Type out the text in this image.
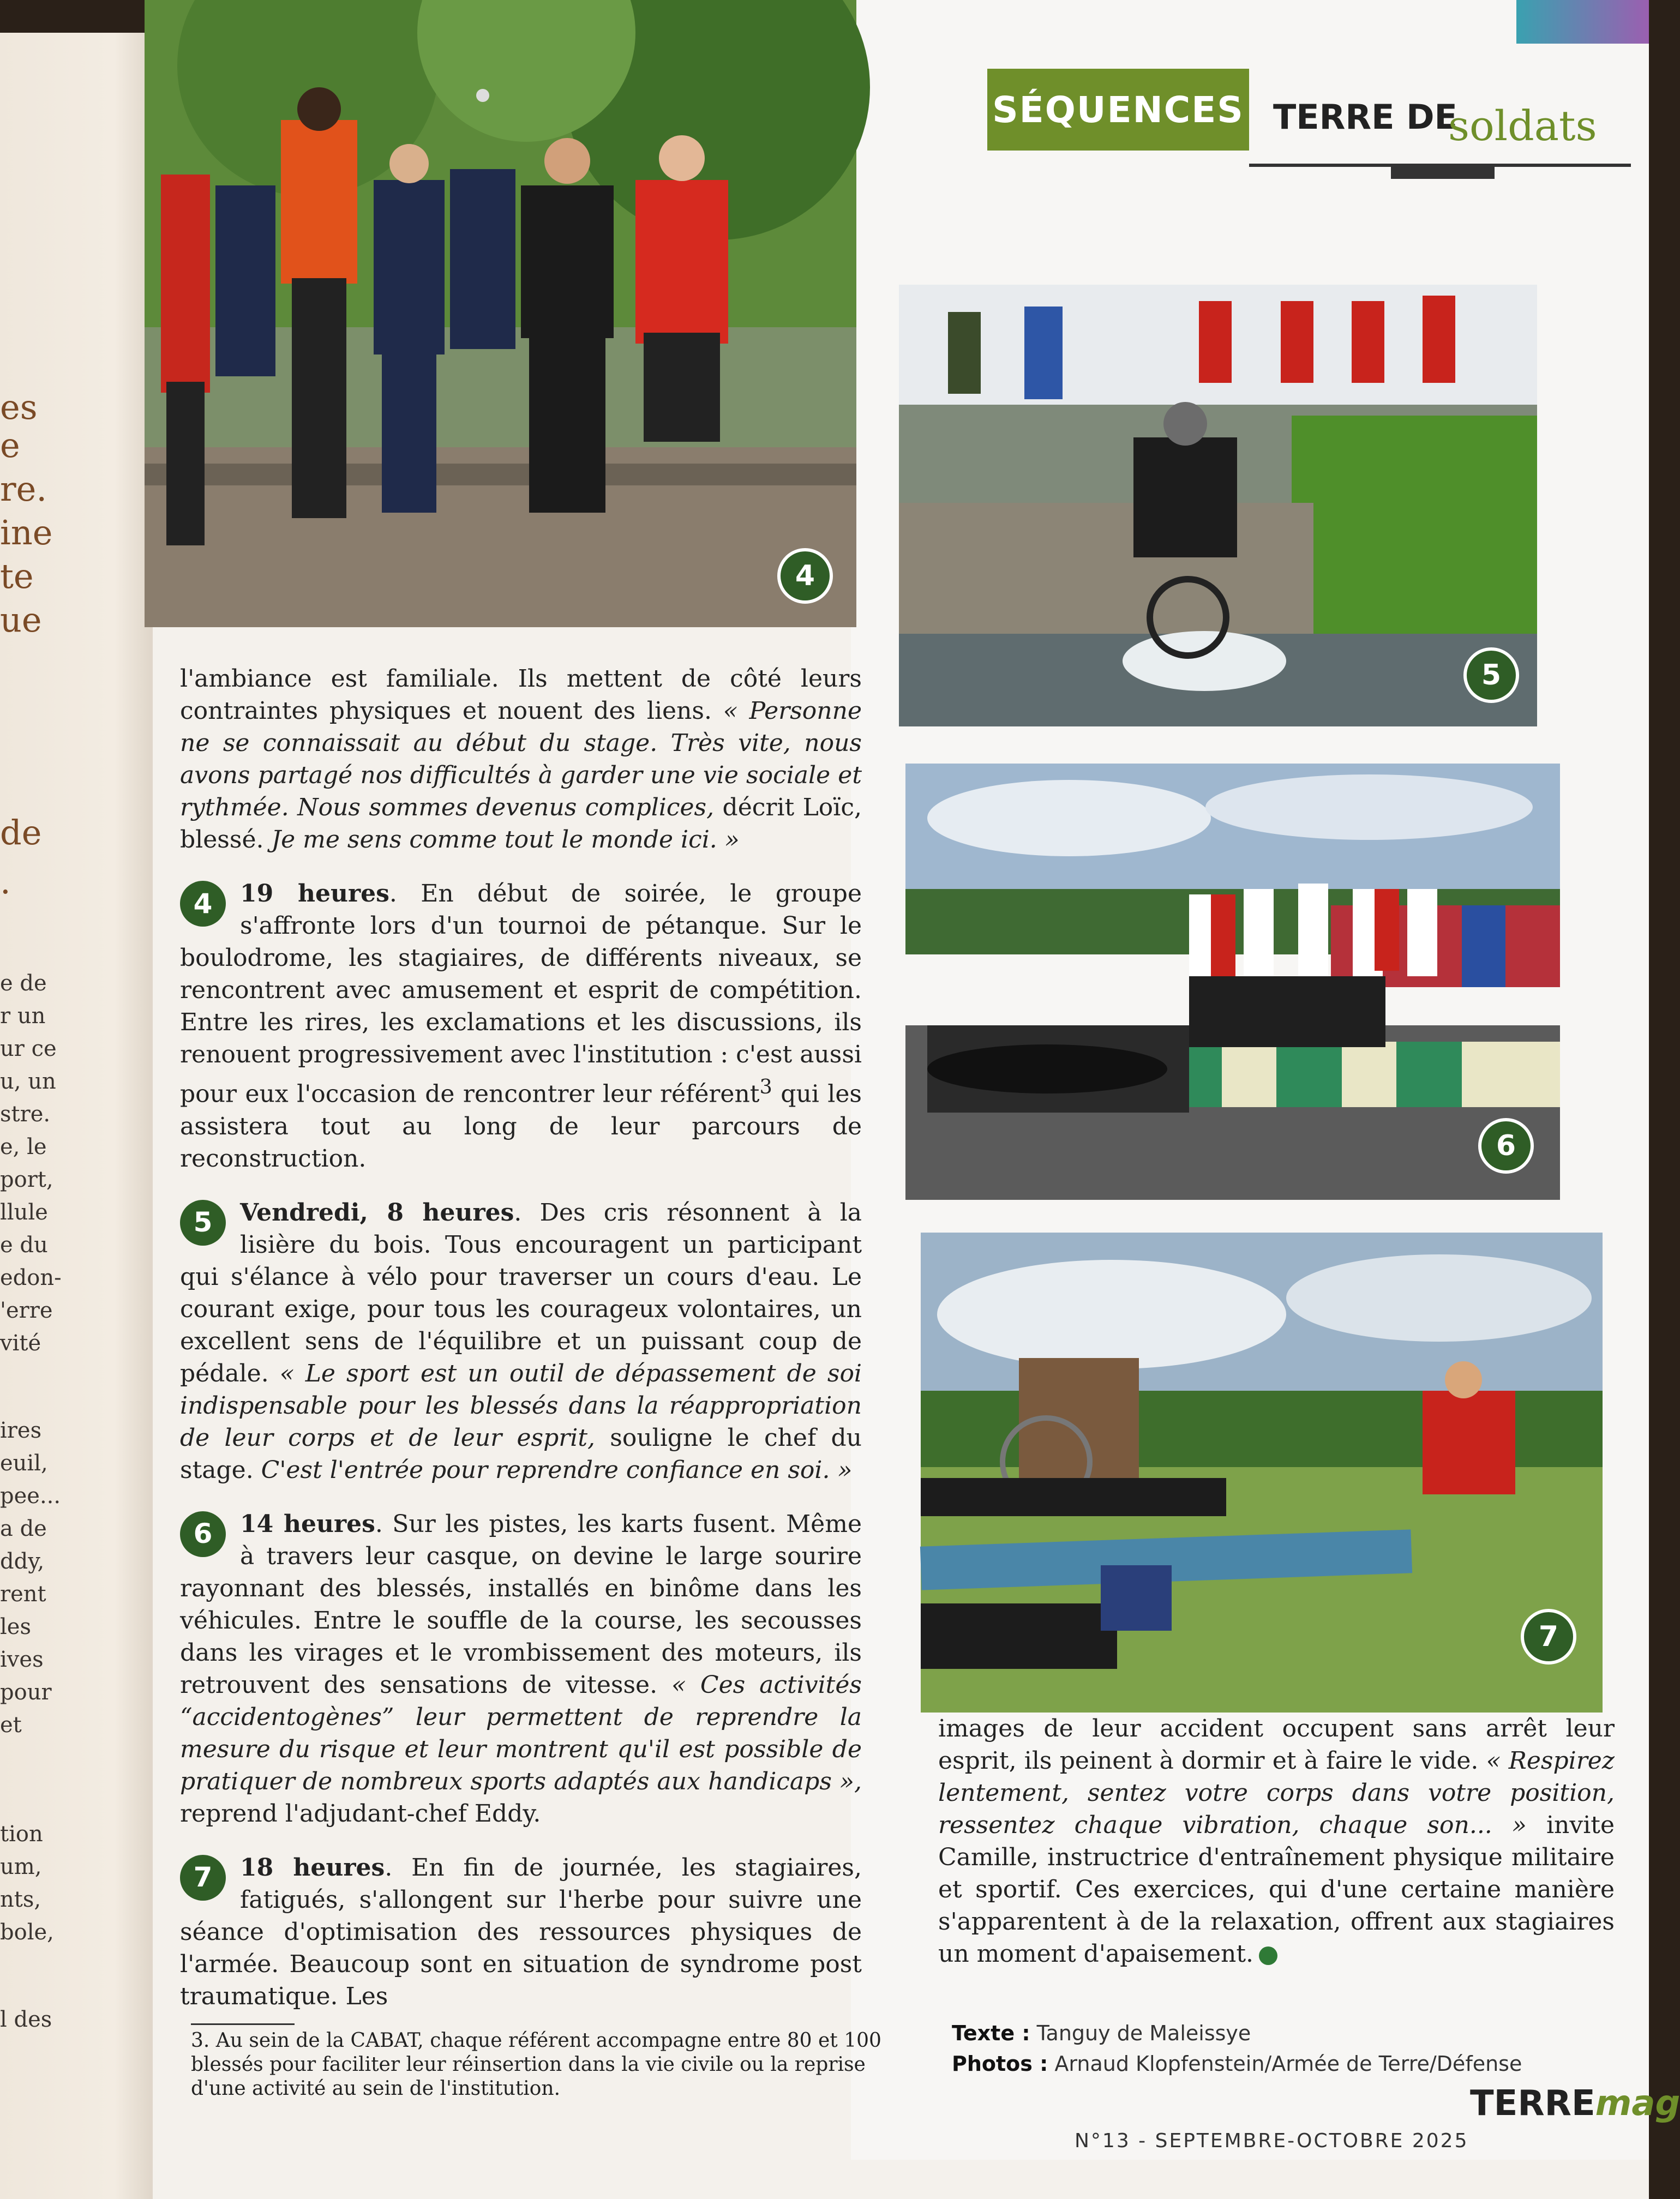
es
e
re.
ine
te
ue
de
.
e de
r un
ur ce
u, un
stre.
e, le
port,
llule
e du
edon-
'erre
vité
ires
euil,
pee...
a de
ddy,
rent
les
ives
pour
et
tion
um,
nts,
bole,
l des
SÉQUENCES TERRE DE
soldats
4
5
6
7

l'ambiance est familiale. Ils mettent de côté leurs contraintes physiques et nouent des liens. « Personne ne se connaissait au début du stage. Très vite, nous avons partagé nos difficultés à garder une vie sociale et rythmée. Nous sommes devenus complices, décrit Loïc, blessé. Je me sens comme tout le monde ici. »

4	19 heures. En début de soirée, le groupe s'affronte lors d'un tournoi de pétanque. Sur le boulodrome, les stagiaires, de différents niveaux, se rencontrent avec amusement et esprit de compétition. Entre les rires, les exclamations et les discussions, ils renouent progressivement avec l'institution : c'est aussi pour eux l'occasion de rencontrer leur référent$^3$ qui les assistera tout au long de leur parcours de reconstruction.

5	Vendredi, 8 heures. Des cris résonnent à la lisière du bois. Tous encouragent un participant qui s'élance à vélo pour traverser un cours d'eau. Le courant exige, pour tous les courageux volontaires, un excellent sens de l'équilibre et un puissant coup de pédale. « Le sport est un outil de dépassement de soi indispensable pour les blessés dans la réappropriation de leur corps et de leur esprit, souligne le chef du stage. C'est l'entrée pour reprendre confiance en soi. »

6	14 heures. Sur les pistes, les karts fusent. Même à travers leur casque, on devine le large sourire rayonnant des blessés, installés en binôme dans les véhicules. Entre le souffle de la course, les secousses dans les virages et le vrombissement des moteurs, ils retrouvent des sensations de vitesse. « Ces activités “accidentogènes” leur permettent de reprendre la mesure du risque et leur montrent qu'il est possible de pratiquer de nombreux sports adaptés aux handicaps », reprend l'adjudant-chef Eddy.

7	18 heures. En fin de journée, les stagiaires, fatigués, s'allongent sur l'herbe pour suivre une séance d'optimisation des ressources physiques de l'armée. Beaucoup sont en situation de syndrome post traumatique. Les

images de leur accident occupent sans arrêt leur esprit, ils peinent à dormir et à faire le vide. « Respirez lentement, sentez votre corps dans votre position, ressentez chaque vibration, chaque son... » invite Camille, instructrice d'entraînement physique militaire et sportif. Ces exercices, qui d'une certaine manière s'apparentent à de la relaxation, offrent aux stagiaires un moment d'apaisement.

3. Au sein de la CABAT, chaque référent accompagne entre 80 et 100 blessés pour faciliter leur réinsertion dans la vie civile ou la reprise d'une activité au sein de l'institution.
Texte : Tanguy de Maleissye
Photos : Arnaud Klopfenstein/Armée de Terre/Défense
TERREmag
N°13 - SEPTEMBRE-OCTOBRE 2025
